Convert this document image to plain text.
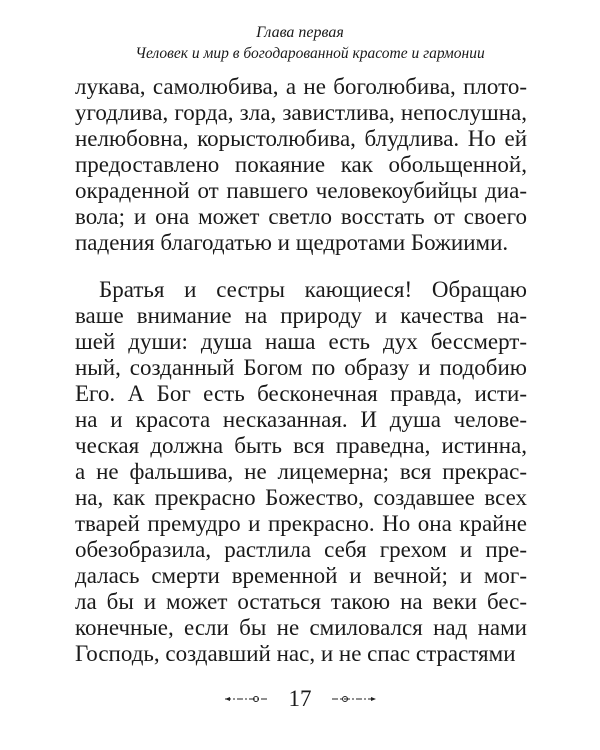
Глава первая
Человек и мир в богодарованной красоте и гармонии
лукава, самолюбива, а не боголюбива, плото-
угодлива, горда, зла, завистлива, непослушна,
нелюбовна, корыстолюбива, блудлива. Но ей
предоставлено покаяние как обольщенной,
окраденной от павшего человекоубийцы диа-
вола; и она может светло восстать от своего
падения благодатью и щедротами Божиими.
Братья и сестры кающиеся! Обращаю
ваше внимание на природу и качества на-
шей души: душа наша есть дух бессмерт-
ный, созданный Богом по образу и подобию
Его. А Бог есть бесконечная правда, исти-
на и красота несказанная. И душа челове-
ческая должна быть вся праведна, истинна,
а не фальшива, не лицемерна; вся прекрас-
на, как прекрасно Божество, создавшее всех
тварей премудро и прекрасно. Но она крайне
обезобразила, растлила себя грехом и пре-
далась смерти временной и вечной; и мог-
ла бы и может остаться такою на веки бес-
конечные, если бы не смиловался над нами
Господь, создавший нас, и не спас страстями
17
